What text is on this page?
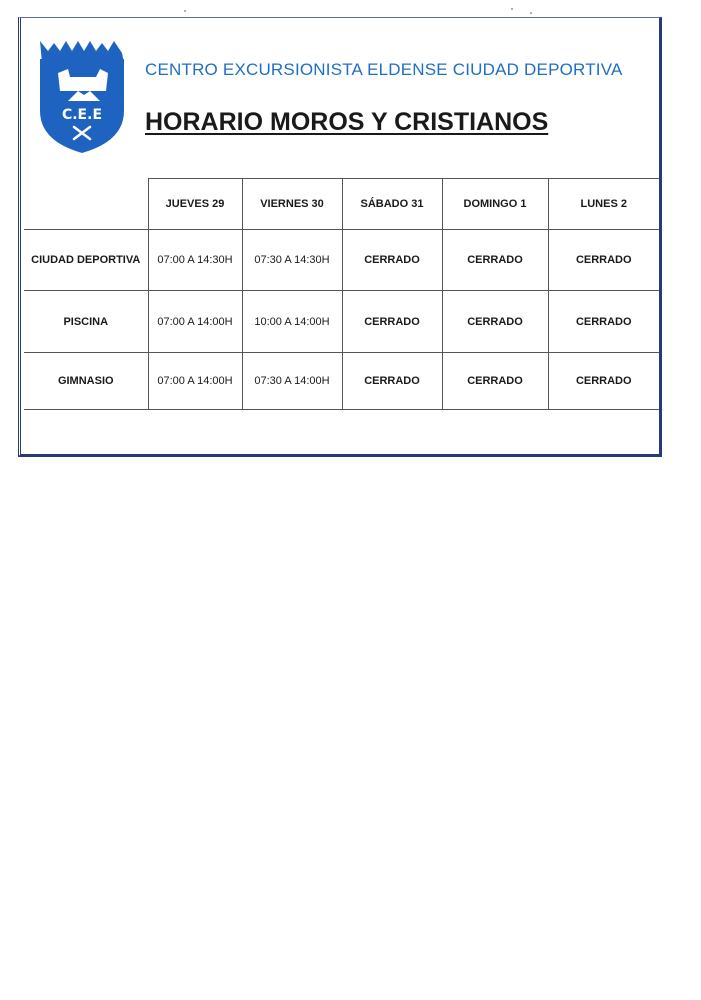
C.E.E
CENTRO EXCURSIONISTA ELDENSE CIUDAD DEPORTIVA
HORARIO MOROS Y CRISTIANOS
	JUEVES 29	VIERNES 30	SÁBADO 31	DOMINGO 1	LUNES 2
CIUDAD DEPORTIVA	07:00 A 14:30H	07:30 A 14:30H	CERRADO	CERRADO	CERRADO
PISCINA	07:00 A 14:00H	10:00 A 14:00H	CERRADO	CERRADO	CERRADO
GIMNASIO	07:00 A 14:00H	07:30 A 14:00H	CERRADO	CERRADO	CERRADO
